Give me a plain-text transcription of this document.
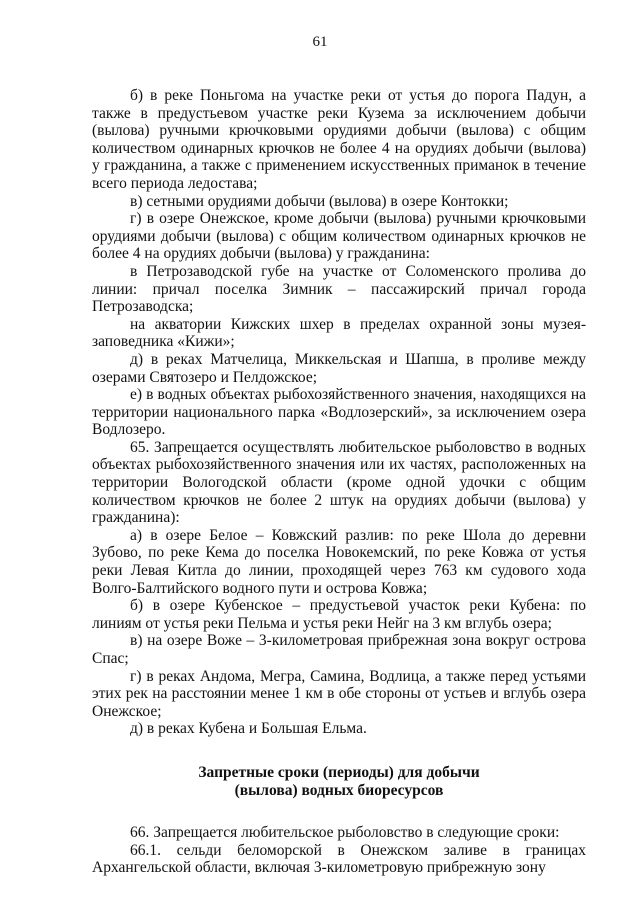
61

б) в реке Поньгома на участке реки от устья до порога Падун, а также в предустьевом участке реки Кузема за исключением добычи (вылова) ручными крючковыми орудиями добычи (вылова) с общим количеством одинарных крючков не более 4 на орудиях добычи (вылова) у гражданина, а также с применением искусственных приманок в течение всего периода ледостава;

в) сетными орудиями добычи (вылова) в озере Контокки;

г) в озере Онежское, кроме добычи (вылова) ручными крючковыми орудиями добычи (вылова) с общим количеством одинарных крючков не более 4 на орудиях добычи (вылова) у гражданина:

в Петрозаводской губе на участке от Соломенского пролива до линии: причал поселка Зимник – пассажирский причал города Петрозаводска;

на акватории Кижских шхер в пределах охранной зоны музея-заповедника «Кижи»;

д) в реках Матчелица, Миккельская и Шапша, в проливе между озерами Святозеро и Пелдожское;

е) в водных объектах рыбохозяйственного значения, находящихся на территории национального парка «Водлозерский», за исключением озера Водлозеро.

65. Запрещается осуществлять любительское рыболовство в водных объектах рыбохозяйственного значения или их частях, расположенных на территории Вологодской области (кроме одной удочки с общим количеством крючков не более 2 штук на орудиях добычи (вылова) у гражданина):

а) в озере Белое – Ковжский разлив: по реке Шола до деревни Зубово, по реке Кема до поселка Новокемский, по реке Ковжа от устья реки Левая Китла до линии, проходящей через 763 км судового хода Волго-Балтийского водного пути и острова Ковжа;

б) в озере Кубенское – предустьевой участок реки Кубена: по линиям от устья реки Пельма и устья реки Нейг на 3 км вглубь озера;

в) на озере Воже – 3-километровая прибрежная зона вокруг острова Спас;

г) в реках Андома, Мегра, Самина, Водлица, а также перед устьями этих рек на расстоянии менее 1 км в обе стороны от устьев и вглубь озера Онежское;

д) в реках Кубена и Большая Ельма.

Запретные сроки (периоды) для добычи
(вылова) водных биоресурсов

66. Запрещается любительское рыболовство в следующие сроки:

66.1. сельди беломорской в Онежском заливе в границах Архангельской области, включая 3-километровую прибрежную зону
